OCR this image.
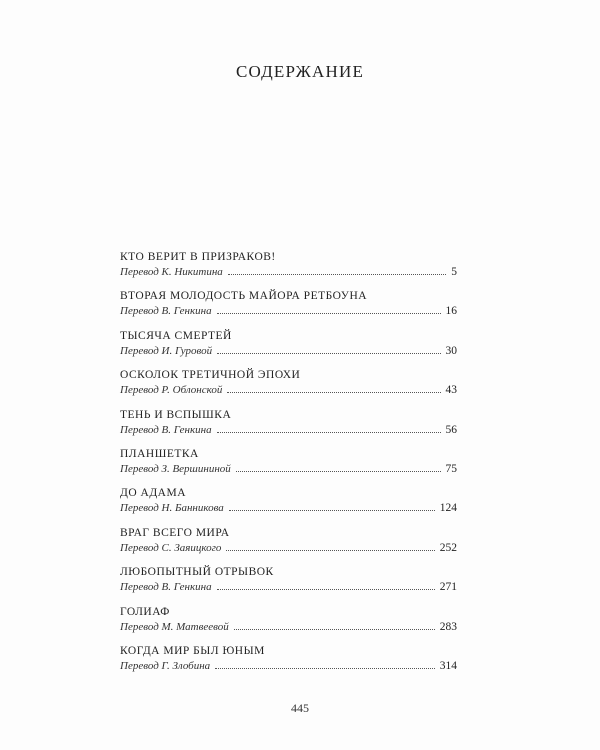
СОДЕРЖАНИЕ
КТО ВЕРИТ В ПРИЗРАКОВ!
Перевод К. Никитина	5
ВТОРАЯ МОЛОДОСТЬ МАЙОРА РЕТБОУНА
Перевод В. Генкина	16
ТЫСЯЧА СМЕРТЕЙ
Перевод И. Гуровой	30
ОСКОЛОК ТРЕТИЧНОЙ ЭПОХИ
Перевод Р. Облонской	43
ТЕНЬ И ВСПЫШКА
Перевод В. Генкина	56
ПЛАНШЕТКА
Перевод З. Вершининой	75
ДО АДАМА
Перевод Н. Банникова	124
ВРАГ ВСЕГО МИРА
Перевод С. Заяицкого	252
ЛЮБОПЫТНЫЙ ОТРЫВОК
Перевод В. Генкина	271
ГОЛИАФ
Перевод М. Матвеевой	283
КОГДА МИР БЫЛ ЮНЫМ
Перевод Г. Злобина	314
445
